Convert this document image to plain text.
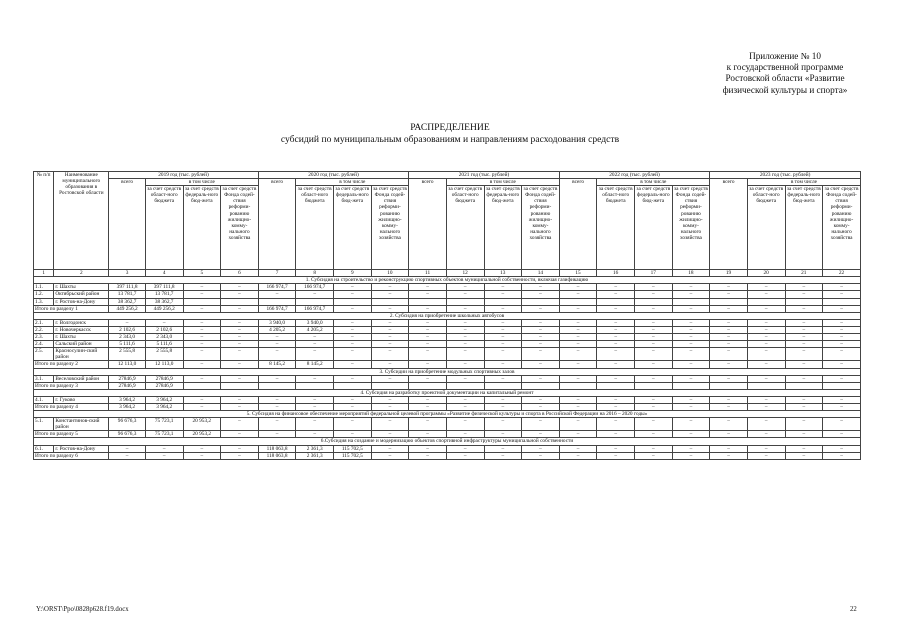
Приложение № 10
к государственной программе
Ростовской области «Развитие
физической культуры и спорта»
РАСПРЕДЕЛЕНИЕ
субсидий по муниципальным образованиям и направлениям расходования средств
№ п/п	Наименование муниципального образования в Ростовской области	2019 год (тыс. рублей)				2020 год (тыс. рублей)				2021 год (тыс. рублей)				2022 год (тыс. рублей)				2023 год (тыс. рублей)			
		всего	в том числе			всего	в том числе			всего	в том числе			всего	в том числе			всего	в том числе		
			за счет средств област-ного бюджета	за счет средств федераль-ного бюд-жета	за счет средств Фонда содей-ствия реформи-рованию жилищно-комму-нального хозяйства		за счет средств област-ного бюджета	за счет средств федераль-ного бюд-жета	за счет средств Фонда содей-ствия реформи-рованию жилищно-комму-нального хозяйства		за счет средств област-ного бюджета	за счет средств федераль-ного бюд-жета	за счет средств Фонда содей-ствия реформи-рованию жилищно-комму-нального хозяйства		за счет средств област-ного бюджета	за счет средств федераль-ного бюд-жета	за счет средств Фонда содей-ствия реформи-рованию жилищно-комму-нального хозяйства		за счет средств област-ного бюджета	за счет средств федераль-ного бюд-жета	за счет средств Фонда содей-ствия реформи-рованию жилищно-комму-нального хозяйства
1	2	3	4	5	6	7	8	9	10	11	12	13	14	15	16	17	18	19	20	21	22
1. Субсидия на строительство и реконструкцию спортивных объектов муниципальной собственности, включая газификацию																					
1.1.	г. Шахты	397 111,8	397 111,8	–	–	166 974,7	166 974,7	–	–	–	–	–	–	–	–	–	–	–	–	–	–
1.2.	Октябрьский район	13 781,7	13 781,7	–	–	–	–	–	–	–	–	–	–	–	–	–	–	–	–	–	–
1.3.	г. Ростов-на-Дону	38 362,7	38 362,7																		
Итого по разделу 1		449 256,2	449 256,2	–	–	166 974,7	166 974,7	–	–	–	–	–	–	–	–	–	–	–	–	–	–
2. Субсидия на приобретение школьных автобусов																					
2.1.	г. Волгодонск	–	–	–	–	3 940,0	3 940,0	–	–	–	–	–	–	–	–	–	–	–	–	–	–
2.2.	г. Новочеркасск	2 102,6	2 102,6	–	–	4 205,2	4 205,2	–	–	–	–	–	–	–	–	–	–	–	–	–	–
2.3.	г. Шахты	2 343,0	2 343,0	–	–	–	–	–	–	–	–	–	–	–	–	–	–	–	–	–	–
2.4.	Сальский район	5 111,6	5 111,6	–	–	–	–	–	–	–	–	–	–	–	–	–	–	–	–	–	–
2.5.	Красносулин-ский район	2 555,8	2 555,8	–	–	–	–	–	–	–	–	–	–	–	–	–	–	–	–	–	–
Итого по разделу 2		12 113,0	12 113,0	–	–	8 145,2	8 145,2	–	–	–	–	–	–	–	–	–	–	–	–	–	–
3. Субсидии на приобретение модульных спортивных залов																					
3.1.	Веселовский район	27846,9	27846,9	–	–	–	–	–	–	–	–	–	–	–	–	–	–	–	–	–	–
Итого по разделу 3		27846,9	27846,9																		
4. Субсидия на разработку проектной документации на капитальный ремонт																					
4.1.	г. Гуково	3 964,2	3 964,2	–	–	–	–	–	–	–	–	–	–	–	–	–	–	–	–	–	–
Итого по разделу 4		3 964,2	3 964,2	–	–	–	–	–	–	–	–	–	–	–	–	–	–	–	–	–	–
5. Субсидия на финансовое обеспечение мероприятий федеральной целевой программы «Развитие физической культуры и спорта в Российской Федерации на 2016 – 2020 годы»																					
5.1.	Константинов-ский район	96 676,3	75 723,1	20 953,2	–	–	–	–	–	–	–	–	–	–	–	–	–	–	–	–	–
Итого по разделу 5		96 676,3	75 723,1	20 953,2	–	–	–	–	–	–	–	–	–	–	–	–	–	–	–	–	–
6.Субсидия на создание и модернизацию объектов спортивной инфраструктуры муниципальной собственности																					
6.1.	г. Ростов-на-Дону	–	–	–	–	118 063,8	2 361,3	115 702,5	–	–	–	–	–	–	–	–	–	–	–	–	–
Итого по разделу 6		–	–	–	–	118 063,8	2 361,3	115 702,5	–	–	–	–	–	–	–	–	–	–	–	–	–
Y:\ORST\Ppo\0828p628.f19.docx	22
